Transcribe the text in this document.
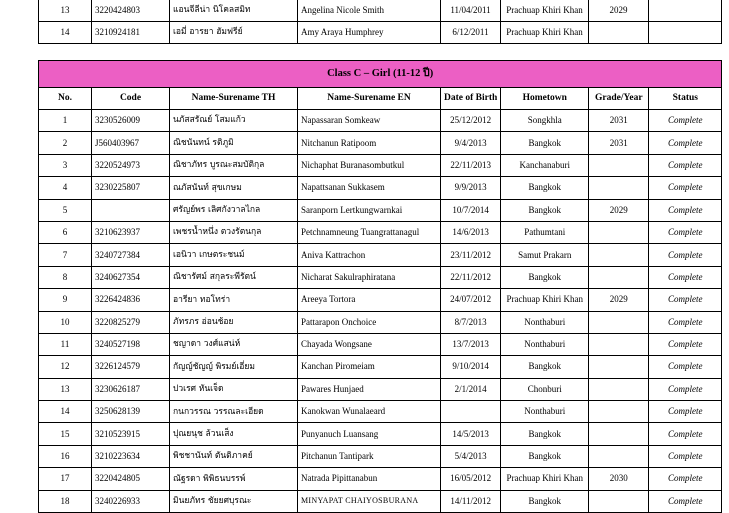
13	3220424803	แอนจีลีน่า นิโคลสมิท	Angelina Nicole Smith	11/04/2011	Prachuap Khiri Khan	2029	
14	3210924181	เอมี่ อารยา ฮัมฟรีย์	Amy Araya Humphrey	6/12/2011	Prachuap Khiri Khan		
Class C – Girl (11-12 ปี)							
No.	Code	Name-Surename TH	Name-Surename EN	Date of Birth	Hometown	Grade/Year	Status
1	3230526009	นภัสสรัณย์ โสมแก้ว	Napassaran Somkeaw	25/12/2012	Songkhla	2031	Complete
2	J560403967	ณิชนันทน์ รติภูมิ	Nitchanun Ratipoom	9/4/2013	Bangkok	2031	Complete
3	3220524973	ณิชาภัทร บูรณะสมบัติกุล	Nichaphat Buranasombutkul	22/11/2013	Kanchanaburi		Complete
4	3230225807	ณภัสนันท์ สุขเกษม	Napattsanan Sukkasem	9/9/2013	Bangkok		Complete
5		ศรัญย์พร เลิศกังวาลไกล	Saranporn Lertkungwarnkai	10/7/2014	Bangkok	2029	Complete
6	3210623937	เพชรน้ำหนึ่ง ตวงรัตนกุล	Petchnamneung Tuangrattanagul	14/6/2013	Pathumtani		Complete
7	3240727384	เอนิวา เกษตระชนม์	Aniva Kattrachon	23/11/2012	Samut Prakarn		Complete
8	3240627354	ณิชารัศม์ สกุลระพีรัตน์	Nicharat Sakulraphiratana	22/11/2012	Bangkok		Complete
9	3226424836	อารียา ทอโทร่า	Areeya Tortora	24/07/2012	Prachuap Khiri Khan	2029	Complete
10	3220825279	ภัทรภร อ่อนช้อย	Pattarapon Onchoice	8/7/2013	Nonthaburi		Complete
11	3240527198	ชญาดา วงศ์แสน่ห์	Chayada Wongsane	13/7/2013	Nonthaburi		Complete
12	3226124579	กัญญ์ชัญญ์ พิรมย์เอี่ยม	Kanchan Piromeiam	9/10/2014	Bangkok		Complete
13	3230626187	ปวเรศ หันเจ็ด	Pawares Hunjaed	2/1/2014	Chonburi		Complete
14	3250628139	กนกวรรณ วรรณละเอียด	Kanokwan Wunalaeard		Nonthaburi		Complete
15	3210523915	ปุณยนุช ล้วนเส็ง	Punyanuch Luansang	14/5/2013	Bangkok		Complete
16	3210223634	พิชชานันท์ ตันติภาคย์	Pitchanun Tantipark	5/4/2013	Bangkok		Complete
17	3220424805	ณัฐรดา พิพิธนบรรพ์	Natrada Pipittanabun	16/05/2012	Prachuap Khiri Khan	2030	Complete
18	3240226933	มินยภัทร ชัยยศบุรณะ	MINYAPAT CHAIYOSBURANA	14/11/2012	Bangkok		Complete
